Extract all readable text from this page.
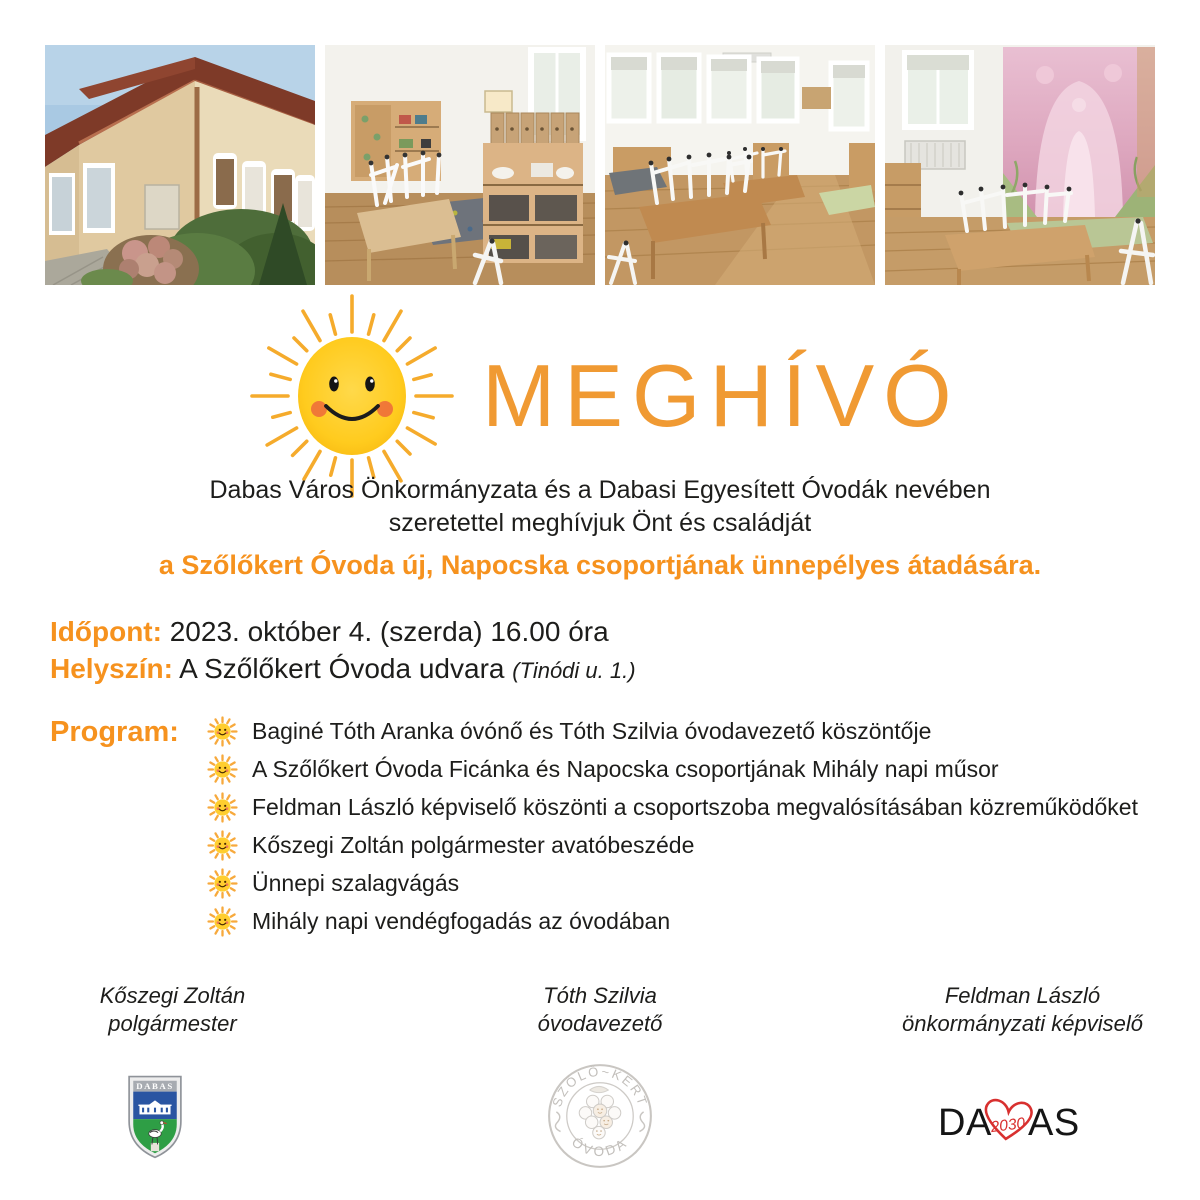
MEGHÍVÓ

Dabas Város Önkormányzata és a Dabasi Egyesített Óvodák nevében

szeretettel meghívjuk Önt és családját

a Szőlőkert Óvoda új, Napocska csoportjának ünnepélyes átadására.

Időpont: 2023. október 4. (szerda) 16.00 óra

Helyszín: A Szőlőkert Óvoda udvara (Tinódi u. 1.)

Program:	Baginé Tóth Aranka óvónő és Tóth Szilvia óvodavezető köszöntője
A Szőlőkert Óvoda Ficánka és Napocska csoportjának Mihály napi műsor
Feldman László képviselő köszönti a csoportszoba megvalósításában közreműködőket
Kőszegi Zoltán polgármester avatóbeszéde
Ünnepi szalagvágás
Mihály napi vendégfogadás az óvodában
Kőszegi Zoltán
polgármester
Tóth Szilvia
óvodavezető
Feldman László
önkormányzati képviselő
DABAS
SZŐLŐ~KERT
ÓVODA
DA
2030 AS
